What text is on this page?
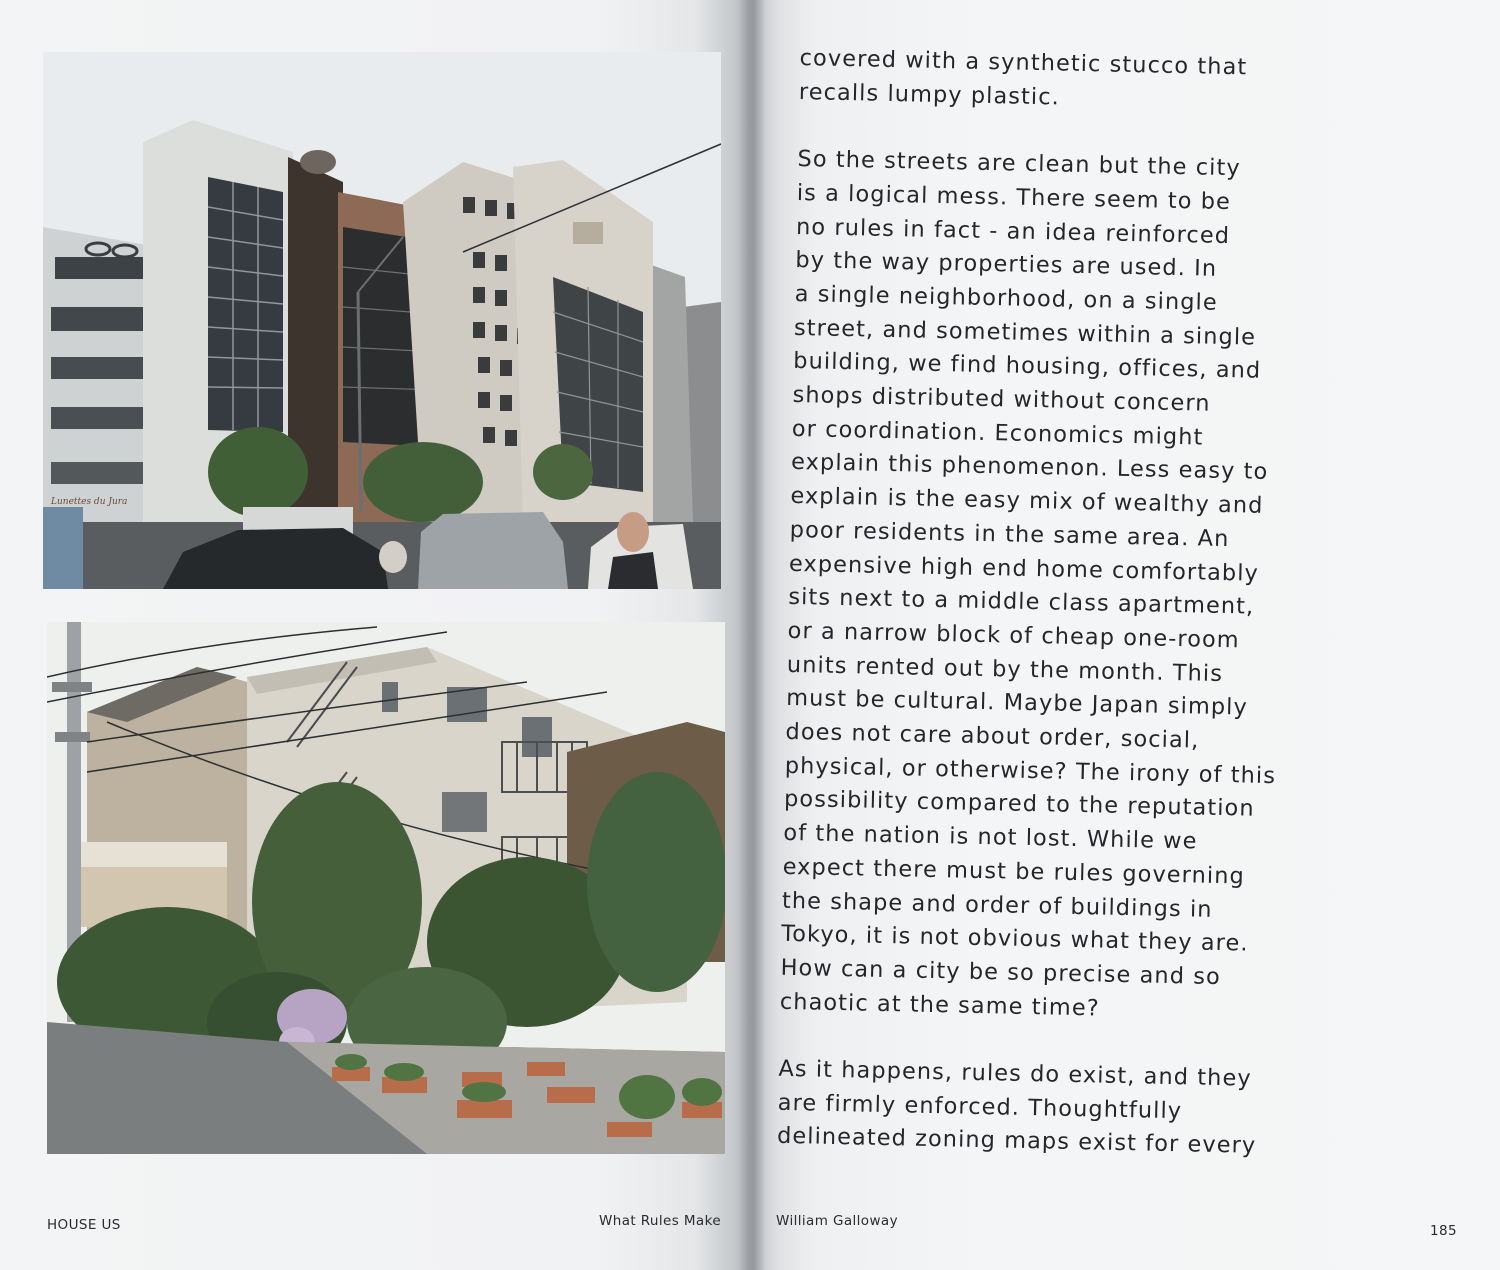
Lunettes du Jura
HOUSE US	What Rules Make
covered with a synthetic stucco that
recalls lumpy plastic.
So the streets are clean but the city
is a logical mess. There seem to be
no rules in fact - an idea reinforced
by the way properties are used. In
a single neighborhood, on a single
street, and sometimes within a single
building, we find housing, offices, and
shops distributed without concern
or coordination. Economics might
explain this phenomenon. Less easy to
explain is the easy mix of wealthy and
poor residents in the same area. An
expensive high end home comfortably
sits next to a middle class apartment,
or a narrow block of cheap one-room
units rented out by the month. This
must be cultural. Maybe Japan simply
does not care about order, social,
physical, or otherwise? The irony of this
possibility compared to the reputation
of the nation is not lost. While we
expect there must be rules governing
the shape and order of buildings in
Tokyo, it is not obvious what they are.
How can a city be so precise and so
chaotic at the same time?
As it happens, rules do exist, and they
are firmly enforced. Thoughtfully
delineated zoning maps exist for every
William Galloway
185
